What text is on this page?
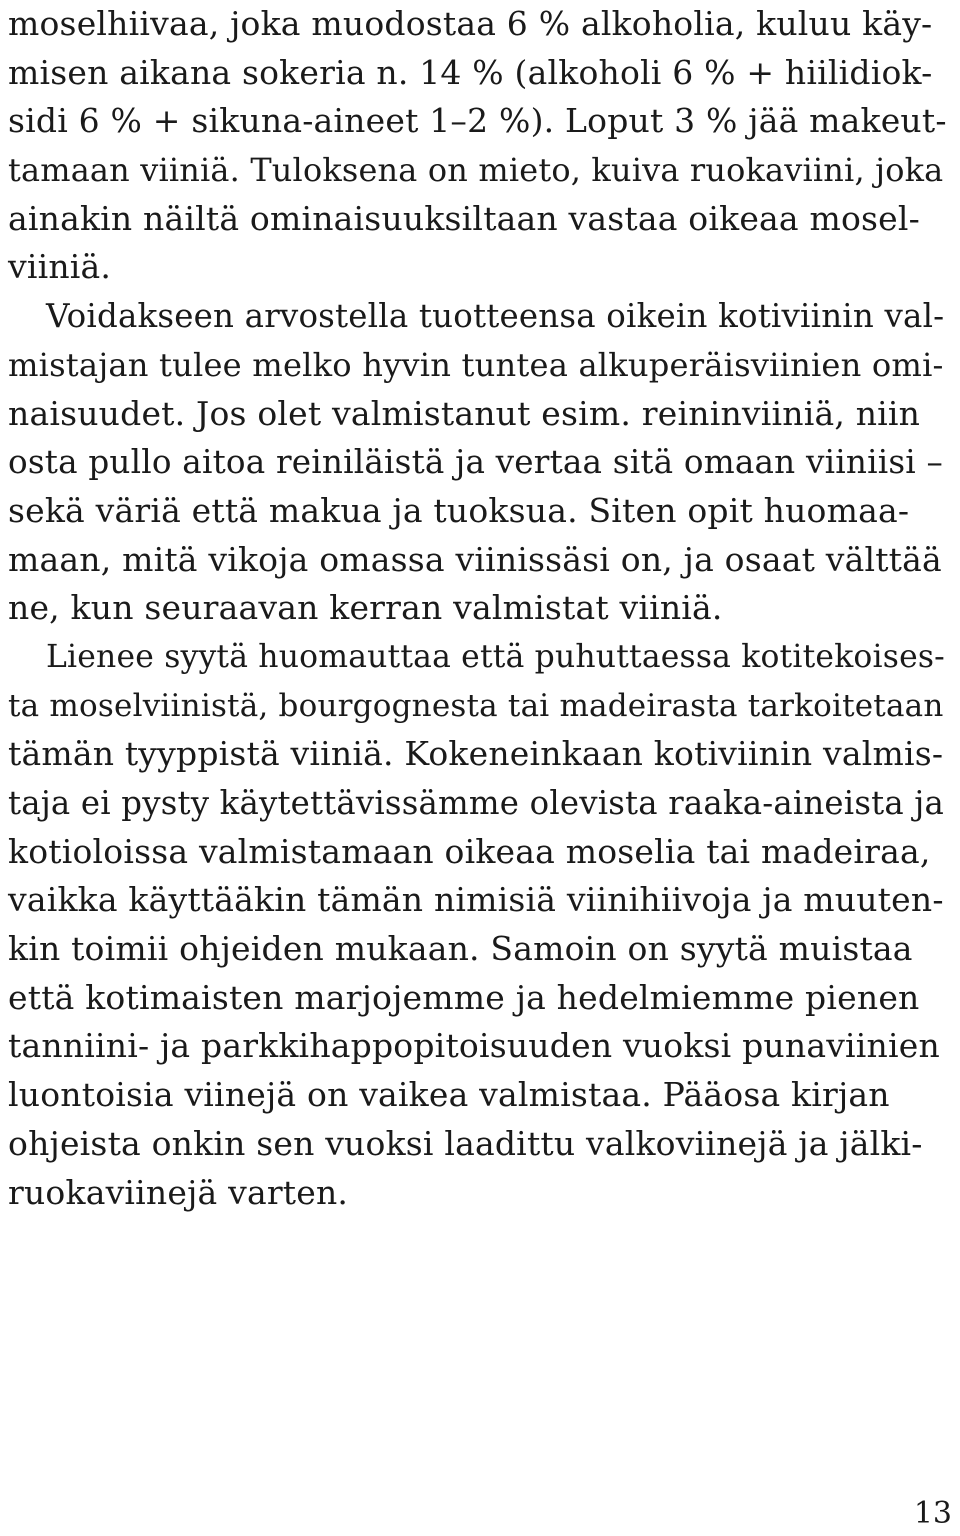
moselhiivaa, joka muodostaa 6 % alkoholia, kuluu käy-
misen aikana sokeria n. 14 % (alkoholi 6 % + hiilidiok-
sidi 6 % + sikuna-aineet 1–2 %). Loput 3 % jää makeut-
tamaan viiniä. Tuloksena on mieto, kuiva ruokaviini, joka
ainakin näiltä ominaisuuksiltaan vastaa oikeaa mosel-
viiniä.
Voidakseen arvostella tuotteensa oikein kotiviinin val-
mistajan tulee melko hyvin tuntea alkuperäisviinien omi-
naisuudet. Jos olet valmistanut esim. reininviiniä, niin
osta pullo aitoa reiniläistä ja vertaa sitä omaan viiniisi –
sekä väriä että makua ja tuoksua. Siten opit huomaa-
maan, mitä vikoja omassa viinissäsi on, ja osaat välttää
ne, kun seuraavan kerran valmistat viiniä.
Lienee syytä huomauttaa että puhuttaessa kotitekoises-
ta moselviinistä, bourgognesta tai madeirasta tarkoitetaan
tämän tyyppistä viiniä. Kokeneinkaan kotiviinin valmis-
taja ei pysty käytettävissämme olevista raaka-aineista ja
kotioloissa valmistamaan oikeaa moselia tai madeiraa,
vaikka käyttääkin tämän nimisiä viinihiivoja ja muuten-
kin toimii ohjeiden mukaan. Samoin on syytä muistaa
että kotimaisten marjojemme ja hedelmiemme pienen
tanniini- ja parkkihappopitoisuuden vuoksi punaviinien
luontoisia viinejä on vaikea valmistaa. Pääosa kirjan
ohjeista onkin sen vuoksi laadittu valkoviinejä ja jälki-
ruokaviinejä varten.
13
